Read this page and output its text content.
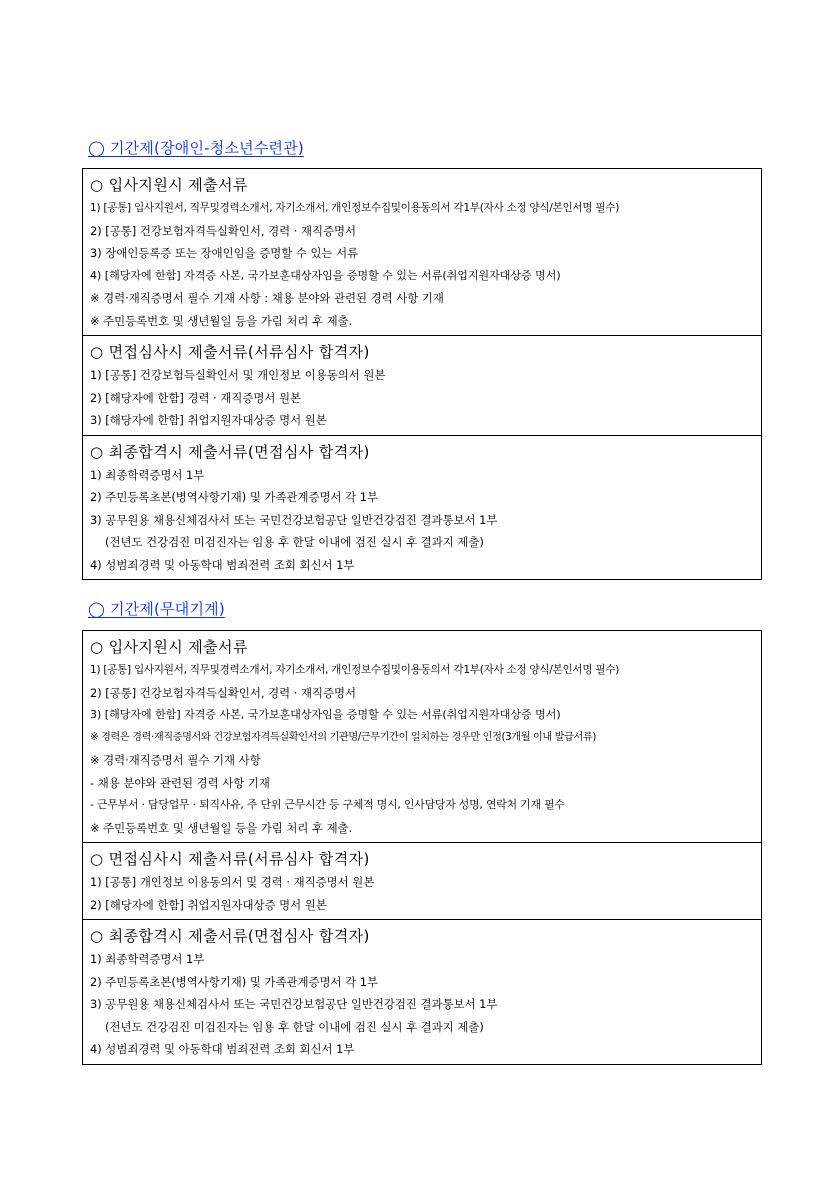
◯ 기간제(장애인-청소년수련관)
○ 입사지원시 제출서류
1) [공통] 입사지원서, 직무및경력소개서, 자기소개서, 개인정보수집및이용동의서 각1부(자사 소정 양식/본인서명 필수)
2) [공통] 건강보험자격득실확인서, 경력 · 재직증명서
3) 장애인등록증 또는 장애인임을 증명할 수 있는 서류
4) [해당자에 한함] 자격증 사본, 국가보훈대상자임을 증명할 수 있는 서류(취업지원자대상증 명서)
※ 경력·재직증명서 필수 기재 사항 : 채용 분야와 관련된 경력 사항 기재
※ 주민등록번호 및 생년월일 등을 가림 처리 후 제출.
○ 면접심사시 제출서류(서류심사 합격자)
1) [공통] 건강보험득실확인서 및 개인정보 이용동의서 원본
2) [해당자에 한함] 경력 · 재직증명서 원본
3) [해당자에 한함] 취업지원자대상증 명서 원본
○ 최종합격시 제출서류(면접심사 합격자)
1) 최종학력증명서 1부
2) 주민등록초본(병역사항기재) 및 가족관계증명서 각 1부
3) 공무원용 채용신체검사서 또는 국민건강보험공단 일반건강검진 결과통보서 1부
(전년도 건강검진 미검진자는 임용 후 한달 이내에 검진 실시 후 결과지 제출)
4) 성범죄경력 및 아동학대 범죄전력 조회 회신서 1부
◯ 기간제(무대기계)
○ 입사지원시 제출서류
1) [공통] 입사지원서, 직무및경력소개서, 자기소개서, 개인정보수집및이용동의서 각1부(자사 소정 양식/본인서명 필수)
2) [공통] 건강보험자격득실확인서, 경력 · 재직증명서
3) [해당자에 한함] 자격증 사본, 국가보훈대상자임을 증명할 수 있는 서류(취업지원자대상증 명서)
※ 경력은 경력·재직증명서와 건강보험자격득실확인서의 기관명/근무기간이 일치하는 경우만 인정(3개월 이내 발급서류)
※ 경력·재직증명서 필수 기재 사항
- 채용 분야와 관련된 경력 사항 기재
- 근무부서 · 담당업무 · 퇴직사유, 주 단위 근무시간 등 구체적 명시, 인사담당자 성명, 연락처 기재 필수
※ 주민등록번호 및 생년월일 등을 가림 처리 후 제출.
○ 면접심사시 제출서류(서류심사 합격자)
1) [공통] 개인정보 이용동의서 및 경력 · 재직증명서 원본
2) [해당자에 한함] 취업지원자대상증 명서 원본
○ 최종합격시 제출서류(면접심사 합격자)
1) 최종학력증명서 1부
2) 주민등록초본(병역사항기재) 및 가족관계증명서 각 1부
3) 공무원용 채용신체검사서 또는 국민건강보험공단 일반건강검진 결과통보서 1부
(전년도 건강검진 미검진자는 임용 후 한달 이내에 검진 실시 후 결과지 제출)
4) 성범죄경력 및 아동학대 범죄전력 조회 회신서 1부
